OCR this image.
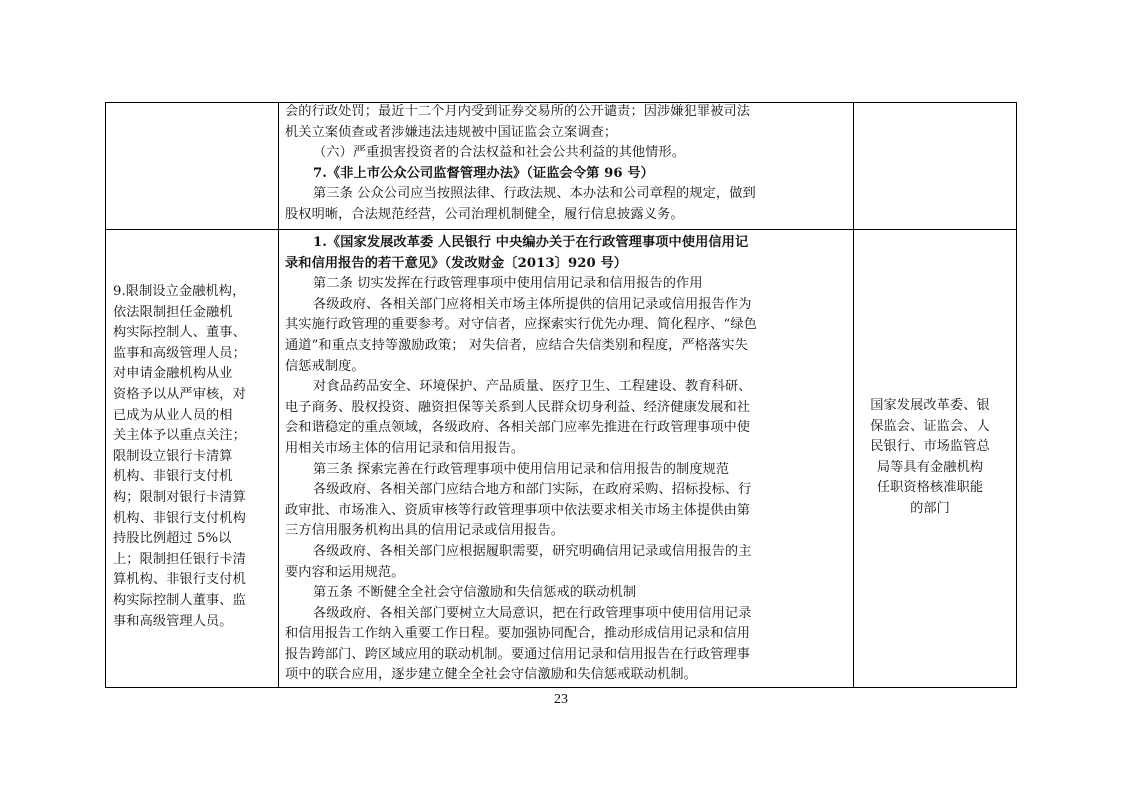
会的行政处罚；最近十二个月内受到证券交易所的公开谴责；因涉嫌犯罪被司法
机关立案侦查或者涉嫌违法违规被中国证监会立案调查；
（六）严重损害投资者的合法权益和社会公共利益的其他情形。
7.《非上市公众公司监督管理办法》（证监会令第 96 号）
第三条 公众公司应当按照法律、行政法规、本办法和公司章程的规定，做到
股权明晰，合法规范经营，公司治理机制健全，履行信息披露义务。
9.限制设立金融机构，
依法限制担任金融机
构实际控制人、董事、
监事和高级管理人员；
对申请金融机构从业
资格予以从严审核，对
已成为从业人员的相
关主体予以重点关注；
限制设立银行卡清算
机构、非银行支付机
构；限制对银行卡清算
机构、非银行支付机构
持股比例超过 5%以
上；限制担任银行卡清
算机构、非银行支付机
构实际控制人董事、监
事和高级管理人员。
1.《国家发展改革委 人民银行 中央编办关于在行政管理事项中使用信用记
录和信用报告的若干意见》（发改财金〔2013〕920 号）
第二条 切实发挥在行政管理事项中使用信用记录和信用报告的作用
各级政府、各相关部门应将相关市场主体所提供的信用记录或信用报告作为
其实施行政管理的重要参考。对守信者，应探索实行优先办理、简化程序、“绿色
通道”和重点支持等激励政策； 对失信者，应结合失信类别和程度，严格落实失
信惩戒制度。
对食品药品安全、环境保护、产品质量、医疗卫生、工程建设、教育科研、
电子商务、股权投资、融资担保等关系到人民群众切身利益、经济健康发展和社
会和谐稳定的重点领域，各级政府、各相关部门应率先推进在行政管理事项中使
用相关市场主体的信用记录和信用报告。
第三条 探索完善在行政管理事项中使用信用记录和信用报告的制度规范
各级政府、各相关部门应结合地方和部门实际，在政府采购、招标投标、行
政审批、市场准入、资质审核等行政管理事项中依法要求相关市场主体提供由第
三方信用服务机构出具的信用记录或信用报告。
各级政府、各相关部门应根据履职需要，研究明确信用记录或信用报告的主
要内容和运用规范。
第五条 不断健全全社会守信激励和失信惩戒的联动机制
各级政府、各相关部门要树立大局意识，把在行政管理事项中使用信用记录
和信用报告工作纳入重要工作日程。要加强协同配合，推动形成信用记录和信用
报告跨部门、跨区域应用的联动机制。要通过信用记录和信用报告在行政管理事
项中的联合应用，逐步建立健全全社会守信激励和失信惩戒联动机制。
国家发展改革委、银
保监会、证监会、人
民银行、市场监管总
局等具有金融机构
任职资格核准职能
的部门
23
